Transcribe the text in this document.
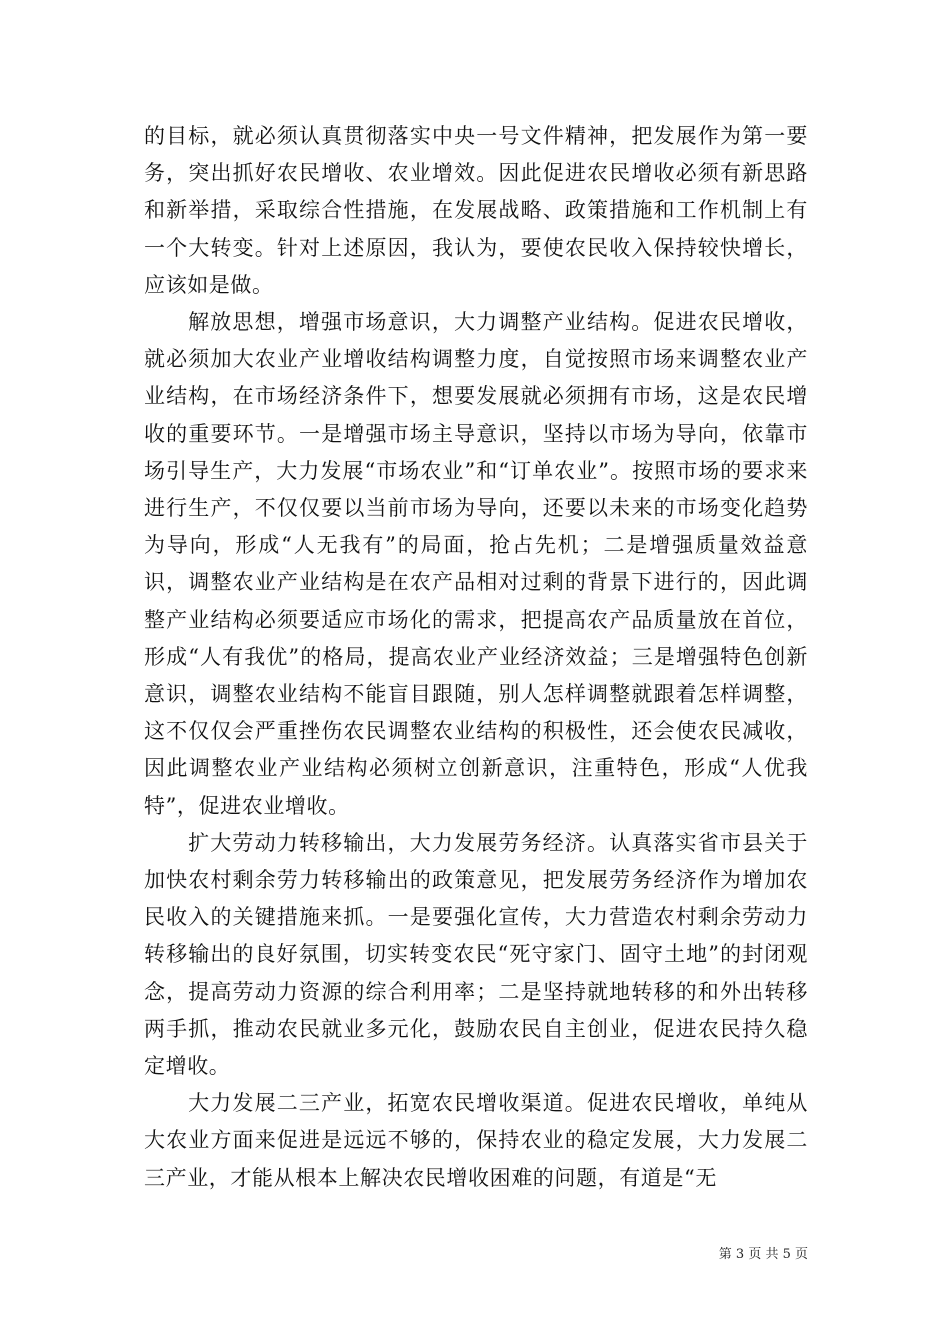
的目标，就必须认真贯彻落实中央一号文件精神，把发展作为第一要务，突出抓好农民增收、农业增效。因此促进农民增收必须有新思路和新举措，采取综合性措施，在发展战略、政策措施和工作机制上有一个大转变。针对上述原因，我认为，要使农民收入保持较快增长，应该如是做。

解放思想，增强市场意识，大力调整产业结构。促进农民增收，就必须加大农业产业增收结构调整力度，自觉按照市场来调整农业产业结构，在市场经济条件下，想要发展就必须拥有市场，这是农民增收的重要环节。一是增强市场主导意识，坚持以市场为导向，依靠市场引导生产，大力发展“市场农业”和“订单农业”。按照市场的要求来进行生产，不仅仅要以当前市场为导向，还要以未来的市场变化趋势为导向，形成“人无我有”的局面，抢占先机；二是增强质量效益意识，调整农业产业结构是在农产品相对过剩的背景下进行的，因此调整产业结构必须要适应市场化的需求，把提高农产品质量放在首位，形成“人有我优”的格局，提高农业产业经济效益；三是增强特色创新意识，调整农业结构不能盲目跟随，别人怎样调整就跟着怎样调整，这不仅仅会严重挫伤农民调整农业结构的积极性，还会使农民减收，因此调整农业产业结构必须树立创新意识，注重特色，形成“人优我特”，促进农业增收。

扩大劳动力转移输出，大力发展劳务经济。认真落实省市县关于加快农村剩余劳力转移输出的政策意见，把发展劳务经济作为增加农民收入的关键措施来抓。一是要强化宣传，大力营造农村剩余劳动力转移输出的良好氛围，切实转变农民“死守家门、固守土地”的封闭观念，提高劳动力资源的综合利用率；二是坚持就地转移的和外出转移两手抓，推动农民就业多元化，鼓励农民自主创业，促进农民持久稳定增收。

大力发展二三产业，拓宽农民增收渠道。促进农民增收，单纯从大农业方面来促进是远远不够的，保持农业的稳定发展，大力发展二三产业，才能从根本上解决农民增收困难的问题，有道是“无

第 3 页 共 5 页
